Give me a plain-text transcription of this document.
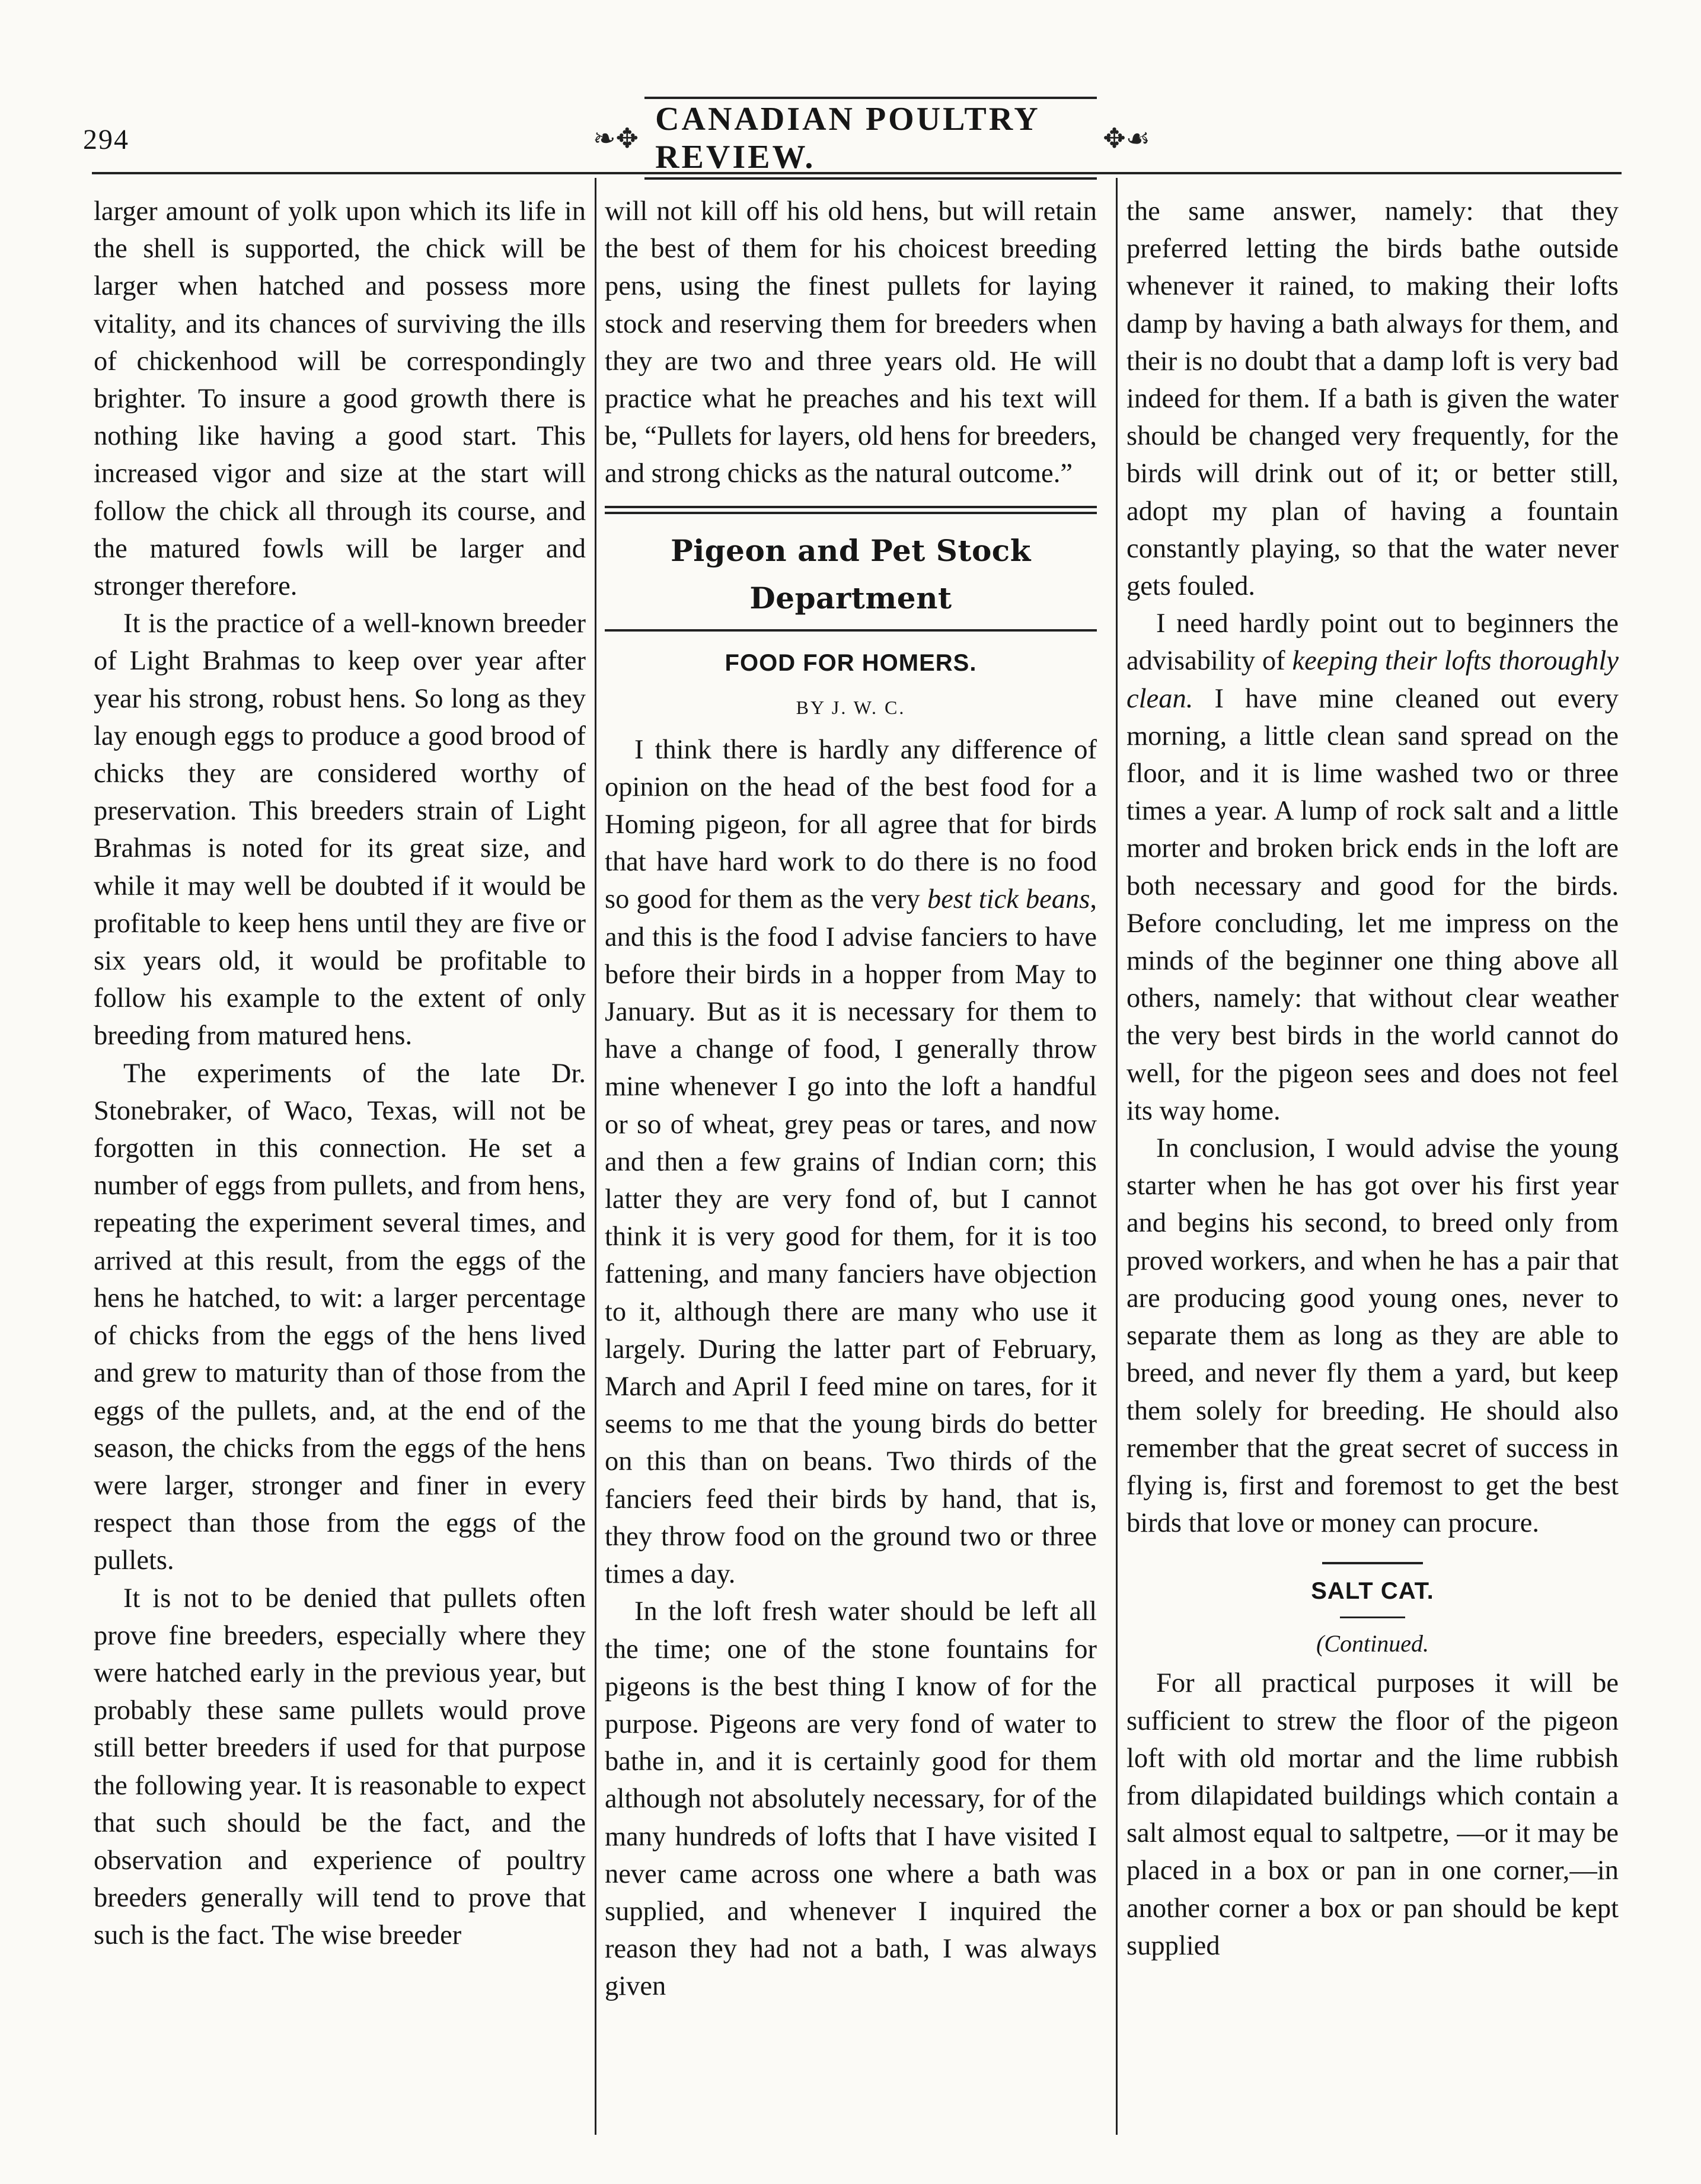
294	❧✥
CANADIAN POULTRY REVIEW.
✥☙

larger amount of yolk upon which its life in the shell is supported, the chick will be larger when hatched and possess more vitality, and its chances of surviving the ills of chickenhood will be correspondingly brighter. To insure a good growth there is nothing like having a good start. This increased vigor and size at the start will follow the chick all through its course, and the matured fowls will be larger and stronger therefore.

It is the practice of a well-known breeder of Light Brahmas to keep over year after year his strong, robust hens. So long as they lay enough eggs to produce a good brood of chicks they are considered worthy of preservation. This breeders strain of Light Brahmas is noted for its great size, and while it may well be doubted if it would be profitable to keep hens until they are five or six years old, it would be profitable to follow his example to the extent of only breeding from matured hens.

The experiments of the late Dr. Stonebraker, of Waco, Texas, will not be forgotten in this connection. He set a number of eggs from pullets, and from hens, repeating the experiment several times, and arrived at this result, from the eggs of the hens he hatched, to wit: a larger percentage of chicks from the eggs of the hens lived and grew to maturity than of those from the eggs of the pullets, and, at the end of the season, the chicks from the eggs of the hens were larger, stronger and finer in every respect than those from the eggs of the pullets.

It is not to be denied that pullets often prove fine breeders, especially where they were hatched early in the previous year, but probably these same pullets would prove still better breeders if used for that purpose the following year. It is reasonable to expect that such should be the fact, and the observation and experience of poultry breeders generally will tend to prove that such is the fact. The wise breeder

will not kill off his old hens, but will retain the best of them for his choicest breeding pens, using the finest pullets for laying stock and reserving them for breeders when they are two and three years old. He will practice what he preaches and his text will be, “Pullets for layers, old hens for breeders, and strong chicks as the natural outcome.”

Pigeon and Pet Stock Department
FOOD FOR HOMERS.
BY J. W. C.

I think there is hardly any difference of opinion on the head of the best food for a Homing pigeon, for all agree that for birds that have hard work to do there is no food so good for them as the very best tick beans, and this is the food I advise fanciers to have before their birds in a hopper from May to January. But as it is necessary for them to have a change of food, I generally throw mine whenever I go into the loft a handful or so of wheat, grey peas or tares, and now and then a few grains of Indian corn; this latter they are very fond of, but I cannot think it is very good for them, for it is too fattening, and many fanciers have objection to it, although there are many who use it largely. During the latter part of February, March and April I feed mine on tares, for it seems to me that the young birds do better on this than on beans. Two thirds of the fanciers feed their birds by hand, that is, they throw food on the ground two or three times a day.

In the loft fresh water should be left all the time; one of the stone fountains for pigeons is the best thing I know of for the purpose. Pigeons are very fond of water to bathe in, and it is certainly good for them although not absolutely necessary, for of the many hundreds of lofts that I have visited I never came across one where a bath was supplied, and whenever I inquired the reason they had not a bath, I was always given

the same answer, namely: that they preferred letting the birds bathe outside whenever it rained, to making their lofts damp by having a bath always for them, and their is no doubt that a damp loft is very bad indeed for them. If a bath is given the water should be changed very frequently, for the birds will drink out of it; or better still, adopt my plan of having a fountain constantly playing, so that the water never gets fouled.

I need hardly point out to beginners the advisability of keeping their lofts thoroughly clean. I have mine cleaned out every morning, a little clean sand spread on the floor, and it is lime washed two or three times a year. A lump of rock salt and a little morter and broken brick ends in the loft are both necessary and good for the birds. Before concluding, let me impress on the minds of the beginner one thing above all others, namely: that without clear weather the very best birds in the world cannot do well, for the pigeon sees and does not feel its way home.

In conclusion, I would advise the young starter when he has got over his first year and begins his second, to breed only from proved workers, and when he has a pair that are producing good young ones, never to separate them as long as they are able to breed, and never fly them a yard, but keep them solely for breeding. He should also remember that the great secret of success in flying is, first and foremost to get the best birds that love or money can procure.

SALT CAT.
(Continued.

For all practical purposes it will be sufficient to strew the floor of the pigeon loft with old mortar and the lime rubbish from dilapidated buildings which contain a salt almost equal to saltpetre, —or it may be placed in a box or pan in one corner,—in another corner a box or pan should be kept supplied
